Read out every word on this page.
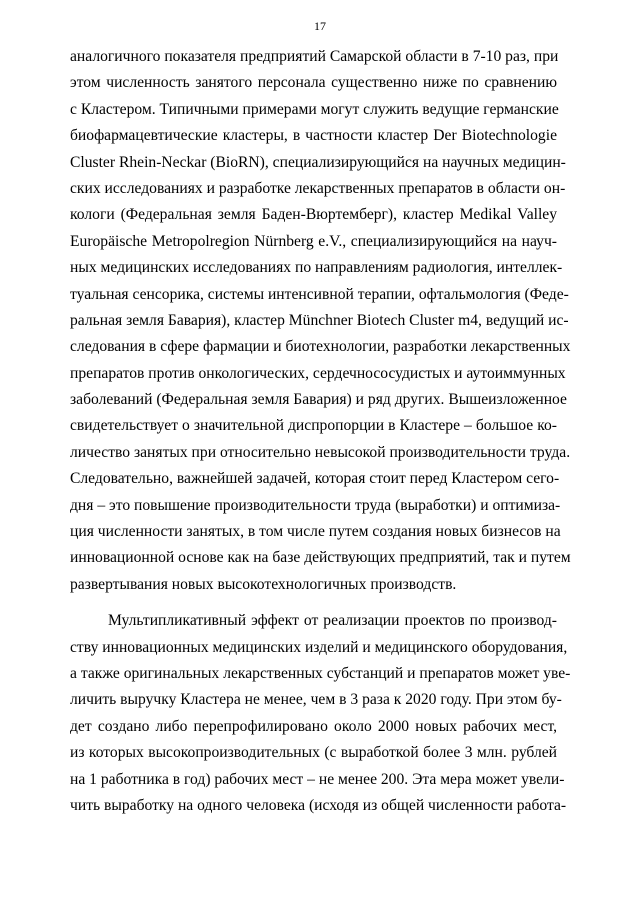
17
аналогичного показателя предприятий Самарской области в 7-10 раз, при
этом численность занятого персонала существенно ниже по сравнению
с Кластером. Типичными примерами могут служить ведущие германские
биофармацевтические кластеры, в частности кластер Der Biotechnologie
Cluster Rhein-Neckar (BioRN), специализирующийся на научных медицин-
ских исследованиях и разработке лекарственных препаратов в области он-
кологи (Федеральная земля Баден-Вюртемберг), кластер Medikal Valley
Europäische Metropolregion Nürnberg e.V., специализирующийся на науч-
ных медицинских исследованиях по направлениям радиология, интеллек-
туальная сенсорика, системы интенсивной терапии, офтальмология (Феде-
ральная земля Бавария), кластер Münchner Biotech Cluster m4, ведущий ис-
следования в сфере фармации и биотехнологии, разработки лекарственных
препаратов против онкологических, сердечнососудистых и аутоиммунных
заболеваний (Федеральная земля Бавария) и ряд других. Вышеизложенное
свидетельствует о значительной диспропорции в Кластере – большое ко-
личество занятых при относительно невысокой производительности труда.
Следовательно, важнейшей задачей, которая стоит перед Кластером сего-
дня – это повышение производительности труда (выработки) и оптимиза-
ция численности занятых, в том числе путем создания новых бизнесов на
инновационной основе как на базе действующих предприятий, так и путем
развертывания новых высокотехнологичных производств.
Мультипликативный эффект от реализации проектов по производ-
ству инновационных медицинских изделий и медицинского оборудования,
а также оригинальных лекарственных субстанций и препаратов может уве-
личить выручку Кластера не менее, чем в 3 раза к 2020 году. При этом бу-
дет создано либо перепрофилировано около 2000 новых рабочих мест,
из которых высокопроизводительных (с выработкой более 3 млн. рублей
на 1 работника в год) рабочих мест – не менее 200. Эта мера может увели-
чить выработку на одного человека (исходя из общей численности работа-
